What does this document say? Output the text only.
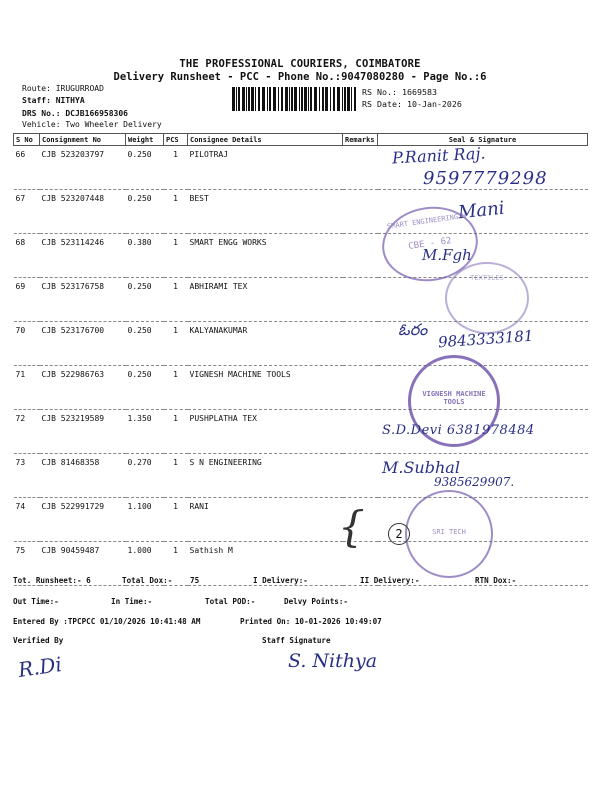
THE PROFESSIONAL COURIERS, COIMBATORE
Delivery Runsheet - PCC - Phone No.:9047080280 - Page No.:6
Route: IRUGURROAD
Staff: NITHYA
DRS No.: DCJB166958306
Vehicle: Two Wheeler Delivery
RS No.: 1669583
RS Date: 10-Jan-2026
S No	Consignment No	Weight	PCS	Consignee Details	Remarks	Seal & Signature
66	CJB 523203797	0.250	1	PILOTRAJ		
67	CJB 523207448	0.250	1	BEST		
68	CJB 523114246	0.380	1	SMART ENGG WORKS		
69	CJB 523176758	0.250	1	ABHIRAMI TEX		
70	CJB 523176700	0.250	1	KALYANAKUMAR		
71	CJB 522986763	0.250	1	VIGNESH MACHINE TOOLS		
72	CJB 523219589	1.350	1	PUSHPLATHA TEX		
73	CJB 81468358	0.270	1	S N ENGINEERING		
74	CJB 522991729	1.100	1	RANI		
75	CJB 90459487	1.000	1	Sathish M		
SMART ENGINEERING W
CBE - 62
TEXTILES
VIGNESH MACHINE TOOLS
SRI TECH
P.Ranit Raj.
9597779298
Mani
M.Fgh
ఓరం 9843333181
S.D.Devi 6381978484
M.Subhal
9385629907.
{	2
Tot. Runsheet:- 6	Total Dox:- 75	I Delivery:-	II Delivery:-	RTN Dox:-
Out Time:-	In Time:-	Total POD:-	Delvy Points:-
Entered By :TPCPCC 01/10/2026 10:41:48 AM	Printed On: 10-01-2026 10:49:07
Verified By	Staff Signature
R.Di	S. Nithya
